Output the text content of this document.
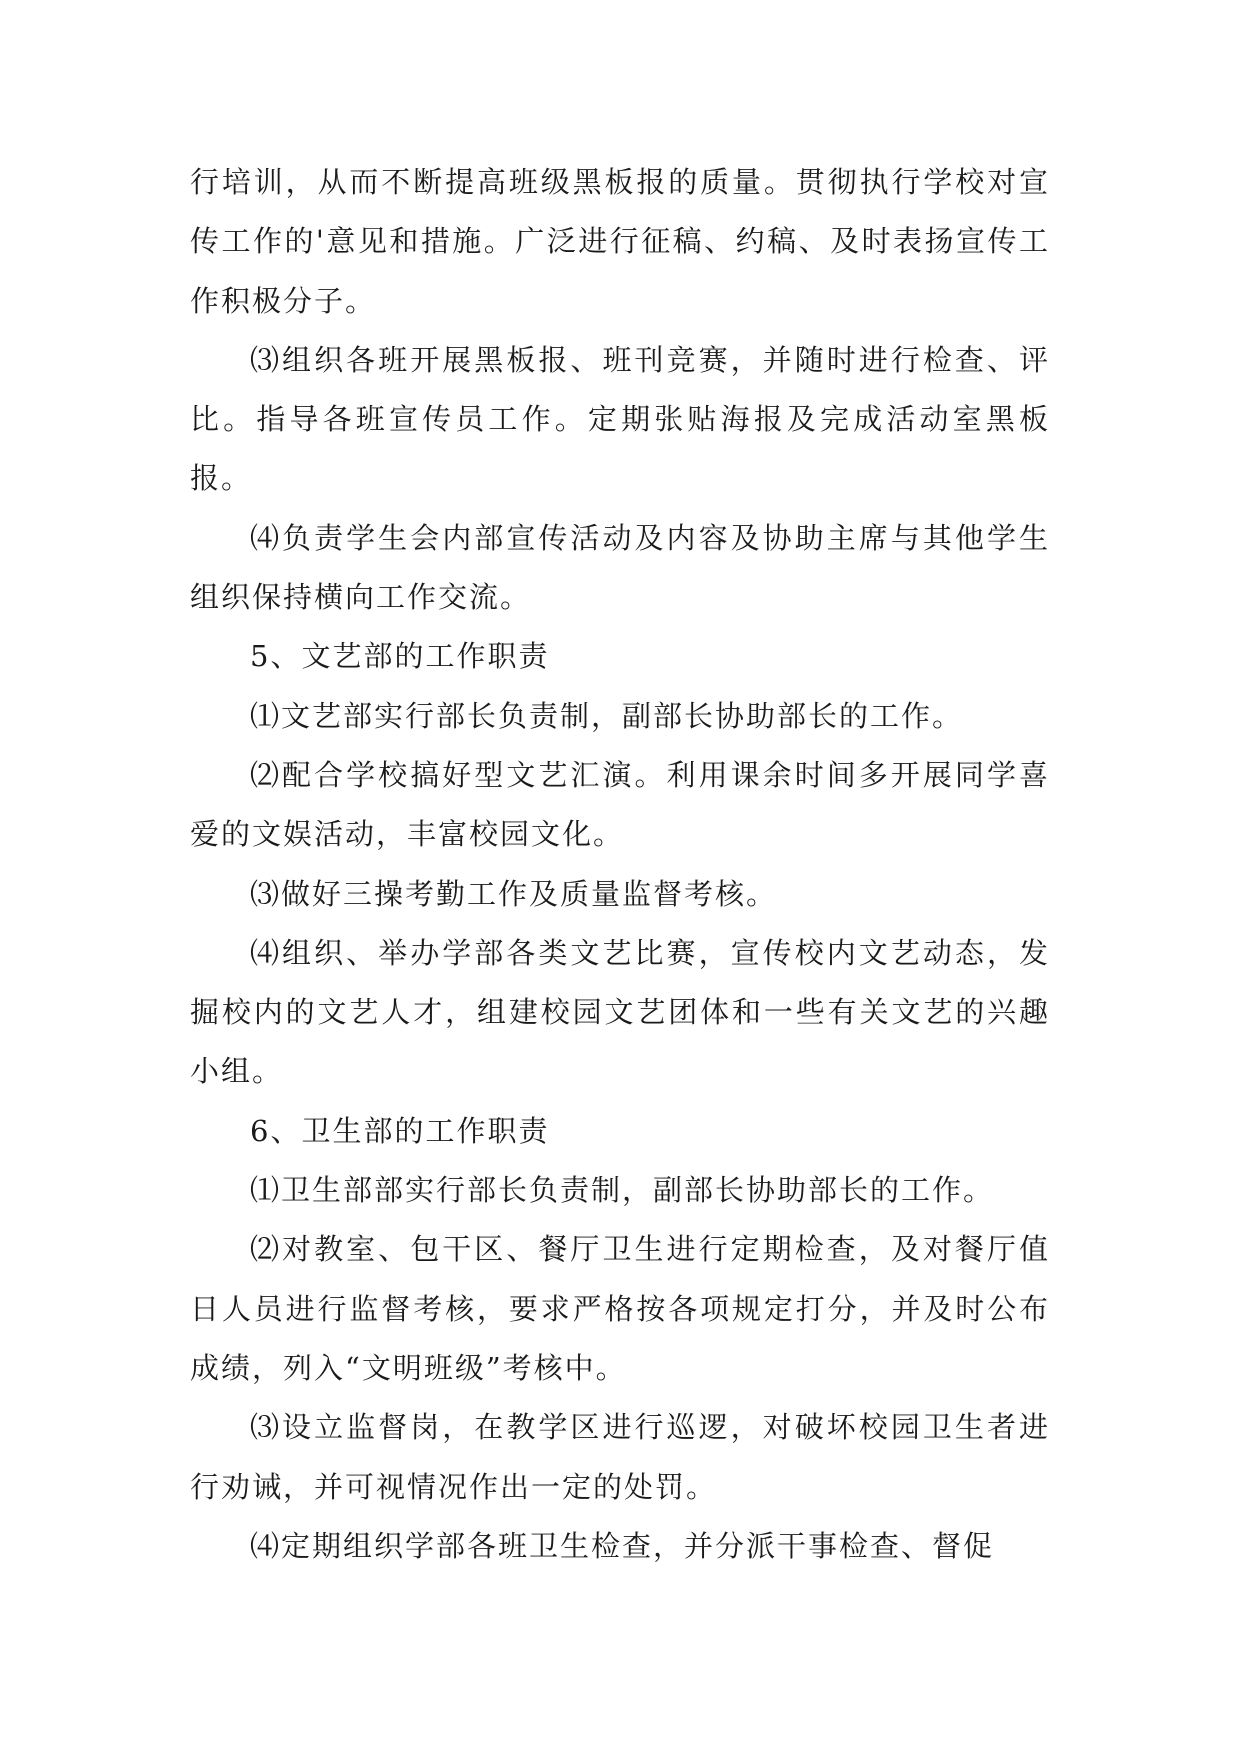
行培训，从而不断提高班级黑板报的质量。贯彻执行学校对宣传工作的'意见和措施。广泛进行征稿、约稿、及时表扬宣传工作积极分子。

⑶组织各班开展黑板报、班刊竞赛，并随时进行检查、评比。指导各班宣传员工作。定期张贴海报及完成活动室黑板报。

⑷负责学生会内部宣传活动及内容及协助主席与其他学生组织保持横向工作交流。

5、文艺部的工作职责

⑴文艺部实行部长负责制，副部长协助部长的工作。

⑵配合学校搞好型文艺汇演。利用课余时间多开展同学喜爱的文娱活动，丰富校园文化。

⑶做好三操考勤工作及质量监督考核。

⑷组织、举办学部各类文艺比赛，宣传校内文艺动态，发掘校内的文艺人才，组建校园文艺团体和一些有关文艺的兴趣小组。

6、卫生部的工作职责

⑴卫生部部实行部长负责制，副部长协助部长的工作。

⑵对教室、包干区、餐厅卫生进行定期检查，及对餐厅值日人员进行监督考核，要求严格按各项规定打分，并及时公布成绩，列入“文明班级”考核中。

⑶设立监督岗，在教学区进行巡逻，对破坏校园卫生者进行劝诫，并可视情况作出一定的处罚。

⑷定期组织学部各班卫生检查，并分派干事检查、督促
